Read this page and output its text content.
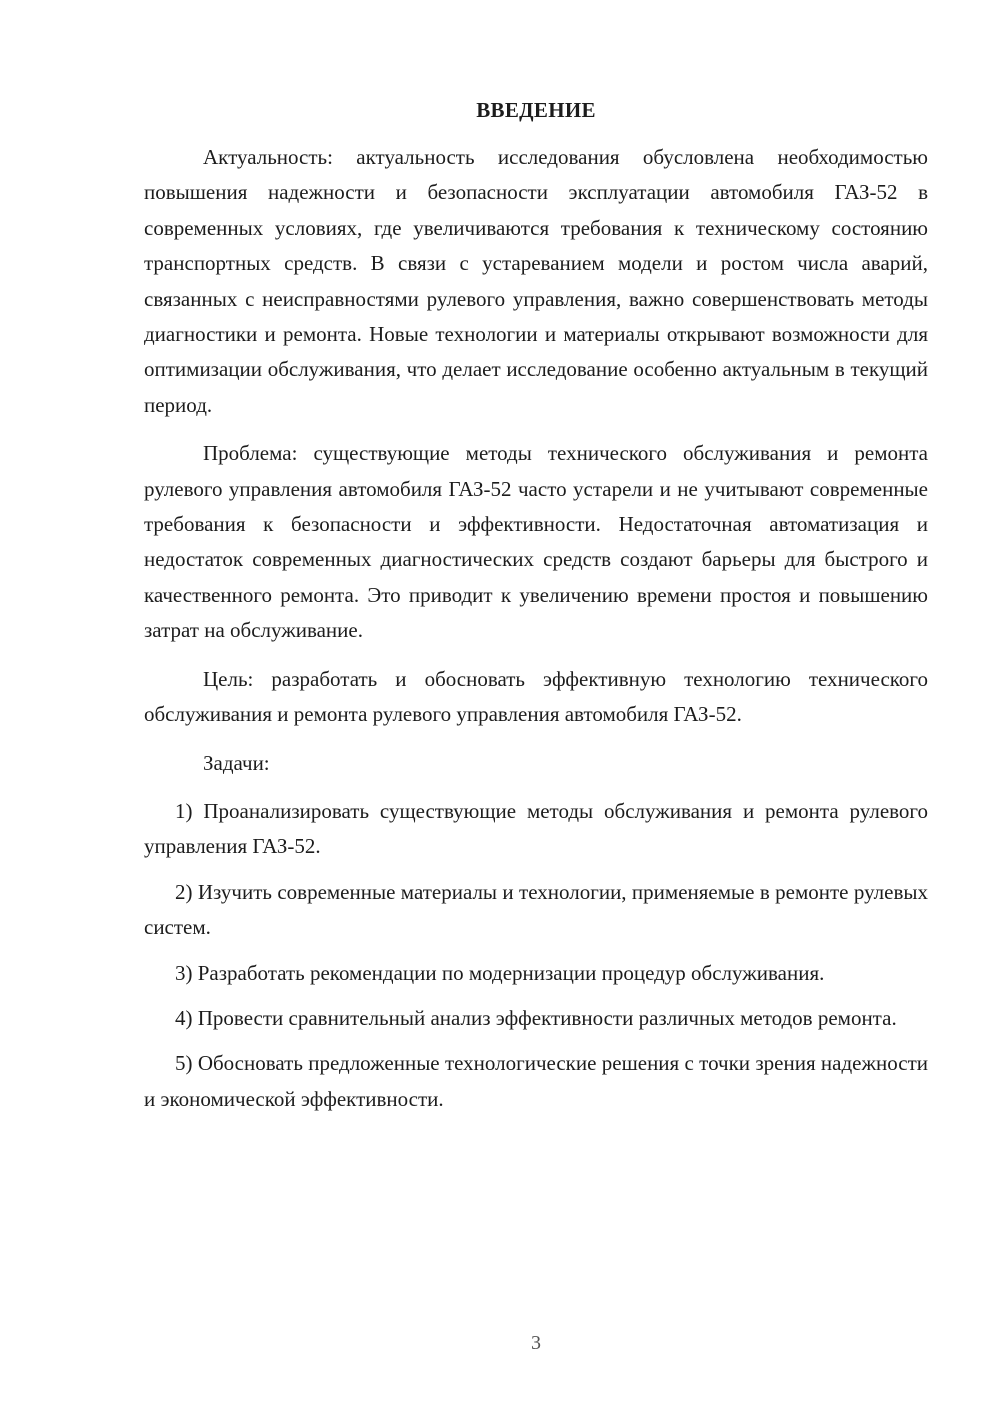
ВВЕДЕНИЕ

Актуальность: актуальность исследования обусловлена необходимостью повышения надежности и безопасности эксплуатации автомобиля ГАЗ-52 в современных условиях, где увеличиваются требования к техническому состоянию транспортных средств. В связи с устареванием модели и ростом числа аварий, связанных с неисправностями рулевого управления, важно совершенствовать методы диагностики и ремонта. Новые технологии и материалы открывают возможности для оптимизации обслуживания, что делает исследование особенно актуальным в текущий период.

Проблема: существующие методы технического обслуживания и ремонта рулевого управления автомобиля ГАЗ-52 часто устарели и не учитывают современные требования к безопасности и эффективности. Недостаточная автоматизация и недостаток современных диагностических средств создают барьеры для быстрого и качественного ремонта. Это приводит к увеличению времени простоя и повышению затрат на обслуживание.

Цель: разработать и обосновать эффективную технологию технического обслуживания и ремонта рулевого управления автомобиля ГАЗ-52.

Задачи:

1) Проанализировать существующие методы обслуживания и ремонта рулевого управления ГАЗ-52.

2) Изучить современные материалы и технологии, применяемые в ремонте рулевых систем.

3) Разработать рекомендации по модернизации процедур обслуживания.

4) Провести сравнительный анализ эффективности различных методов ремонта.

5) Обосновать предложенные технологические решения с точки зрения надежности и экономической эффективности.

3
